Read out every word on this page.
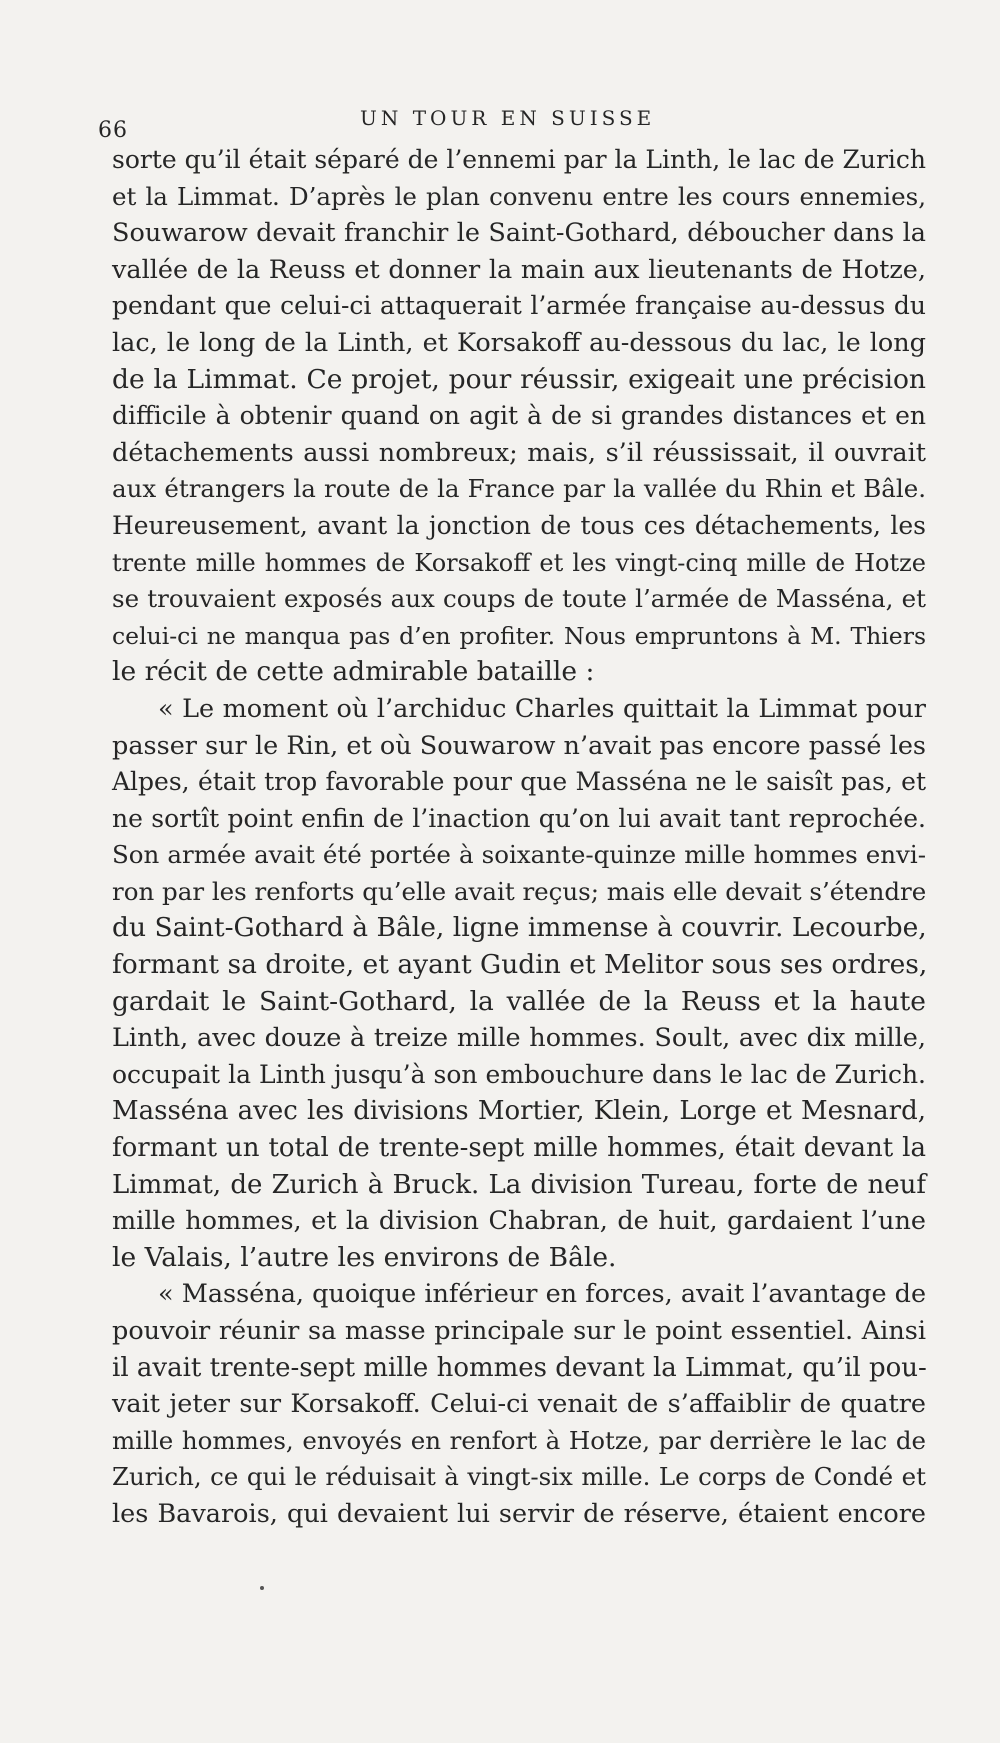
66	UN TOUR EN SUISSE
sorte qu’il était séparé de l’ennemi par la Linth, le lac de Zurich
et la Limmat. D’après le plan convenu entre les cours ennemies,
Souwarow devait franchir le Saint-Gothard, déboucher dans la
vallée de la Reuss et donner la main aux lieutenants de Hotze,
pendant que celui-ci attaquerait l’armée française au-dessus du
lac, le long de la Linth, et Korsakoff au-dessous du lac, le long
de la Limmat. Ce projet, pour réussir, exigeait une précision
difficile à obtenir quand on agit à de si grandes distances et en
détachements aussi nombreux; mais, s’il réussissait, il ouvrait
aux étrangers la route de la France par la vallée du Rhin et Bâle.
Heureusement, avant la jonction de tous ces détachements, les
trente mille hommes de Korsakoff et les vingt-cinq mille de Hotze
se trouvaient exposés aux coups de toute l’armée de Masséna, et
celui-ci ne manqua pas d’en profiter. Nous empruntons à M. Thiers
le récit de cette admirable bataille :
« Le moment où l’archiduc Charles quittait la Limmat pour
passer sur le Rin, et où Souwarow n’avait pas encore passé les
Alpes, était trop favorable pour que Masséna ne le saisît pas, et
ne sortît point enfin de l’inaction qu’on lui avait tant reprochée.
Son armée avait été portée à soixante-quinze mille hommes envi-
ron par les renforts qu’elle avait reçus; mais elle devait s’étendre
du Saint-Gothard à Bâle, ligne immense à couvrir. Lecourbe,
formant sa droite, et ayant Gudin et Melitor sous ses ordres,
gardait le Saint-Gothard, la vallée de la Reuss et la haute
Linth, avec douze à treize mille hommes. Soult, avec dix mille,
occupait la Linth jusqu’à son embouchure dans le lac de Zurich.
Masséna avec les divisions Mortier, Klein, Lorge et Mesnard,
formant un total de trente-sept mille hommes, était devant la
Limmat, de Zurich à Bruck. La division Tureau, forte de neuf
mille hommes, et la division Chabran, de huit, gardaient l’une
le Valais, l’autre les environs de Bâle.
« Masséna, quoique inférieur en forces, avait l’avantage de
pouvoir réunir sa masse principale sur le point essentiel. Ainsi
il avait trente-sept mille hommes devant la Limmat, qu’il pou-
vait jeter sur Korsakoff. Celui-ci venait de s’affaiblir de quatre
mille hommes, envoyés en renfort à Hotze, par derrière le lac de
Zurich, ce qui le réduisait à vingt-six mille. Le corps de Condé et
les Bavarois, qui devaient lui servir de réserve, étaient encore
